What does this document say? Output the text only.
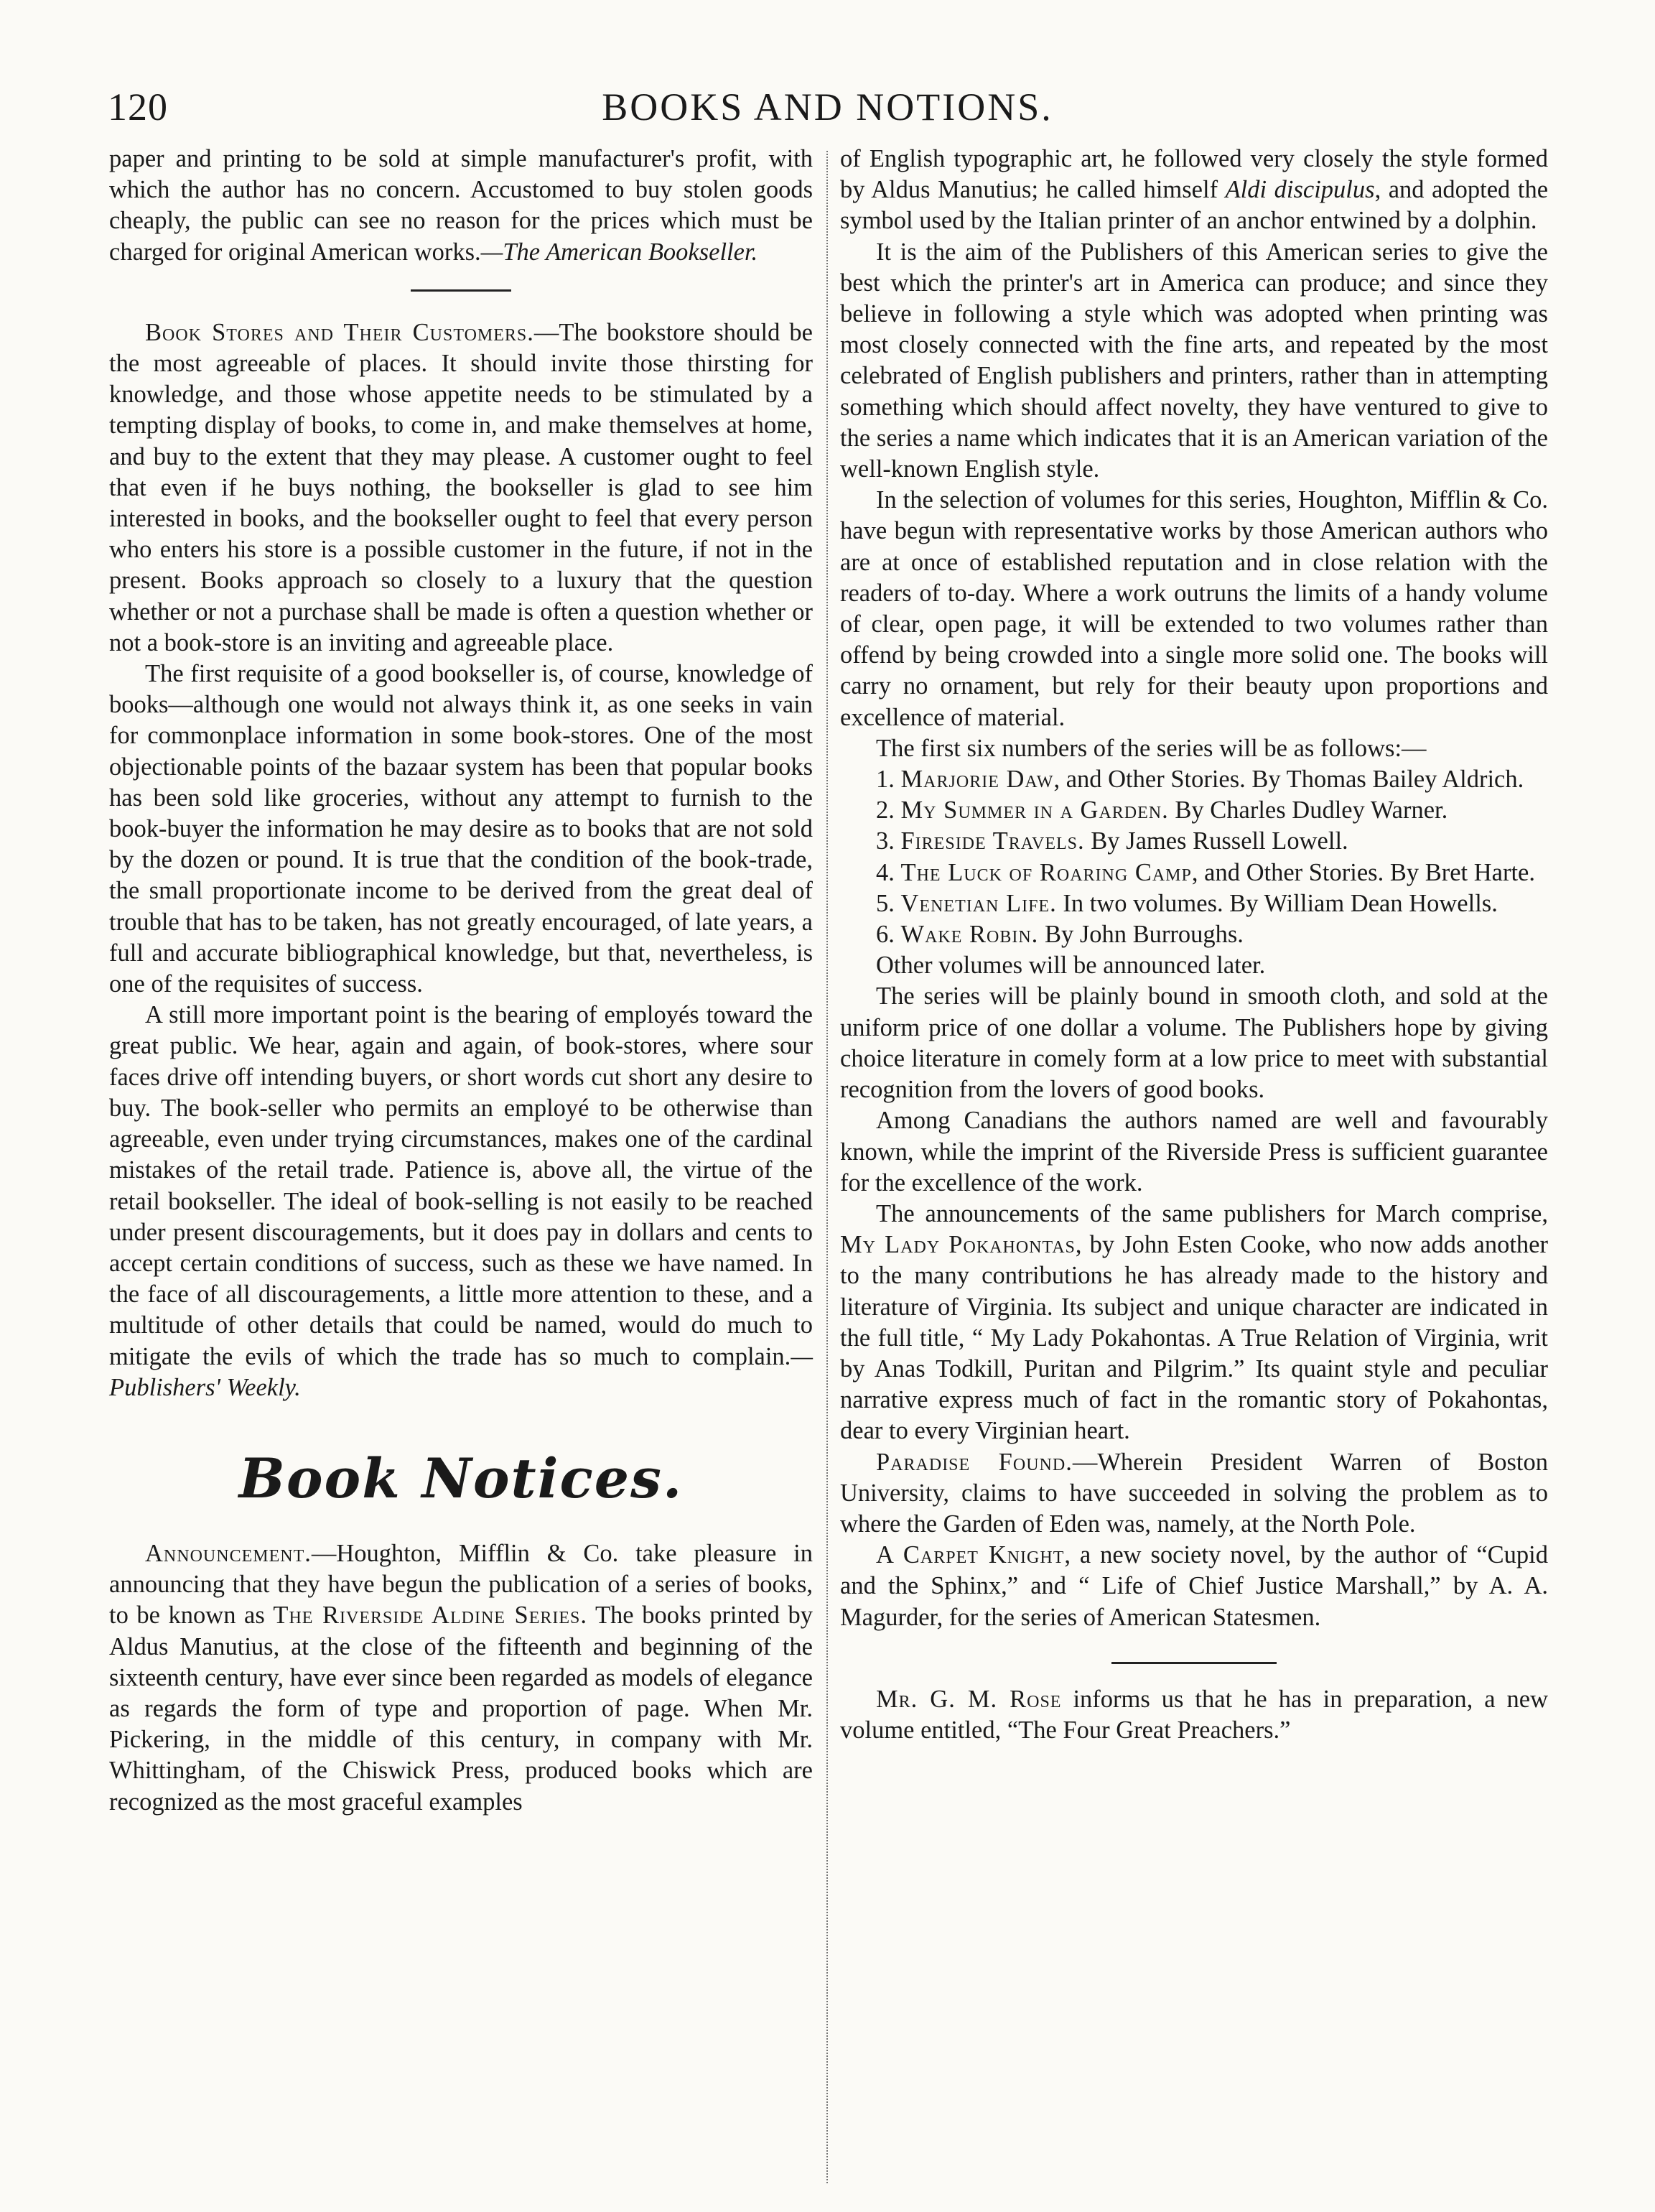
120	BOOKS AND NOTIONS.

paper and printing to be sold at simple manufacturer's profit, with which the author has no concern. Accustomed to buy stolen goods cheaply, the public can see no reason for the prices which must be charged for original American works.—The American Bookseller.

Book Stores and Their Customers.—The bookstore should be the most agreeable of places. It should invite those thirsting for knowledge, and those whose appetite needs to be stimulated by a tempting display of books, to come in, and make themselves at home, and buy to the extent that they may please. A customer ought to feel that even if he buys nothing, the bookseller is glad to see him interested in books, and the bookseller ought to feel that every person who enters his store is a possible customer in the future, if not in the present. Books approach so closely to a luxury that the question whether or not a purchase shall be made is often a question whether or not a book-store is an inviting and agreeable place.

The first requisite of a good bookseller is, of course, knowledge of books—although one would not always think it, as one seeks in vain for commonplace information in some book-stores. One of the most objectionable points of the bazaar system has been that popular books has been sold like groceries, without any attempt to furnish to the book-buyer the information he may desire as to books that are not sold by the dozen or pound. It is true that the condition of the book-trade, the small proportionate income to be derived from the great deal of trouble that has to be taken, has not greatly encouraged, of late years, a full and accurate bibliographical knowledge, but that, nevertheless, is one of the requisites of success.

A still more important point is the bearing of employés toward the great public. We hear, again and again, of book-stores, where sour faces drive off intending buyers, or short words cut short any desire to buy. The book-seller who permits an employé to be otherwise than agreeable, even under trying circumstances, makes one of the cardinal mistakes of the retail trade. Patience is, above all, the virtue of the retail bookseller. The ideal of book-selling is not easily to be reached under present discouragements, but it does pay in dollars and cents to accept certain conditions of success, such as these we have named. In the face of all discouragements, a little more attention to these, and a multitude of other details that could be named, would do much to mitigate the evils of which the trade has so much to complain.—Publishers' Weekly.

Book Notices.

Announcement.—Houghton, Mifflin & Co. take pleasure in announcing that they have begun the publication of a series of books, to be known as The Riverside Aldine Series. The books printed by Aldus Manutius, at the close of the fifteenth and beginning of the sixteenth century, have ever since been regarded as models of elegance as regards the form of type and proportion of page. When Mr. Pickering, in the middle of this century, in company with Mr. Whittingham, of the Chiswick Press, produced books which are recognized as the most graceful examples

of English typographic art, he followed very closely the style formed by Aldus Manutius; he called himself Aldi discipulus, and adopted the symbol used by the Italian printer of an anchor entwined by a dolphin.

It is the aim of the Publishers of this American series to give the best which the printer's art in America can produce; and since they believe in following a style which was adopted when printing was most closely connected with the fine arts, and repeated by the most celebrated of English publishers and printers, rather than in attempting something which should affect novelty, they have ventured to give to the series a name which indicates that it is an American variation of the well-known English style.

In the selection of volumes for this series, Houghton, Mifflin & Co. have begun with representative works by those American authors who are at once of established reputation and in close relation with the readers of to-day. Where a work outruns the limits of a handy volume of clear, open page, it will be extended to two volumes rather than offend by being crowded into a single more solid one. The books will carry no ornament, but rely for their beauty upon proportions and excellence of material.

The first six numbers of the series will be as follows:—

1. Marjorie Daw, and Other Stories. By Thomas Bailey Aldrich.

2. My Summer in a Garden. By Charles Dudley Warner.

3. Fireside Travels. By James Russell Lowell.

4. The Luck of Roaring Camp, and Other Stories. By Bret Harte.

5. Venetian Life. In two volumes. By William Dean Howells.

6. Wake Robin. By John Burroughs.

Other volumes will be announced later.

The series will be plainly bound in smooth cloth, and sold at the uniform price of one dollar a volume. The Publishers hope by giving choice literature in comely form at a low price to meet with substantial recognition from the lovers of good books.

Among Canadians the authors named are well and favourably known, while the imprint of the Riverside Press is sufficient guarantee for the excellence of the work.

The announcements of the same publishers for March comprise, My Lady Pokahontas, by John Esten Cooke, who now adds another to the many contributions he has already made to the history and literature of Virginia. Its subject and unique character are indicated in the full title, “ My Lady Pokahontas. A True Relation of Virginia, writ by Anas Todkill, Puritan and Pilgrim.” Its quaint style and peculiar narrative express much of fact in the romantic story of Pokahontas, dear to every Virginian heart.

Paradise Found.—Wherein President Warren of Boston University, claims to have succeeded in solving the problem as to where the Garden of Eden was, namely, at the North Pole.

A Carpet Knight, a new society novel, by the author of “Cupid and the Sphinx,” and “ Life of Chief Justice Marshall,” by A. A. Magurder, for the series of American Statesmen.

Mr. G. M. Rose informs us that he has in preparation, a new volume entitled, “The Four Great Preachers.”
